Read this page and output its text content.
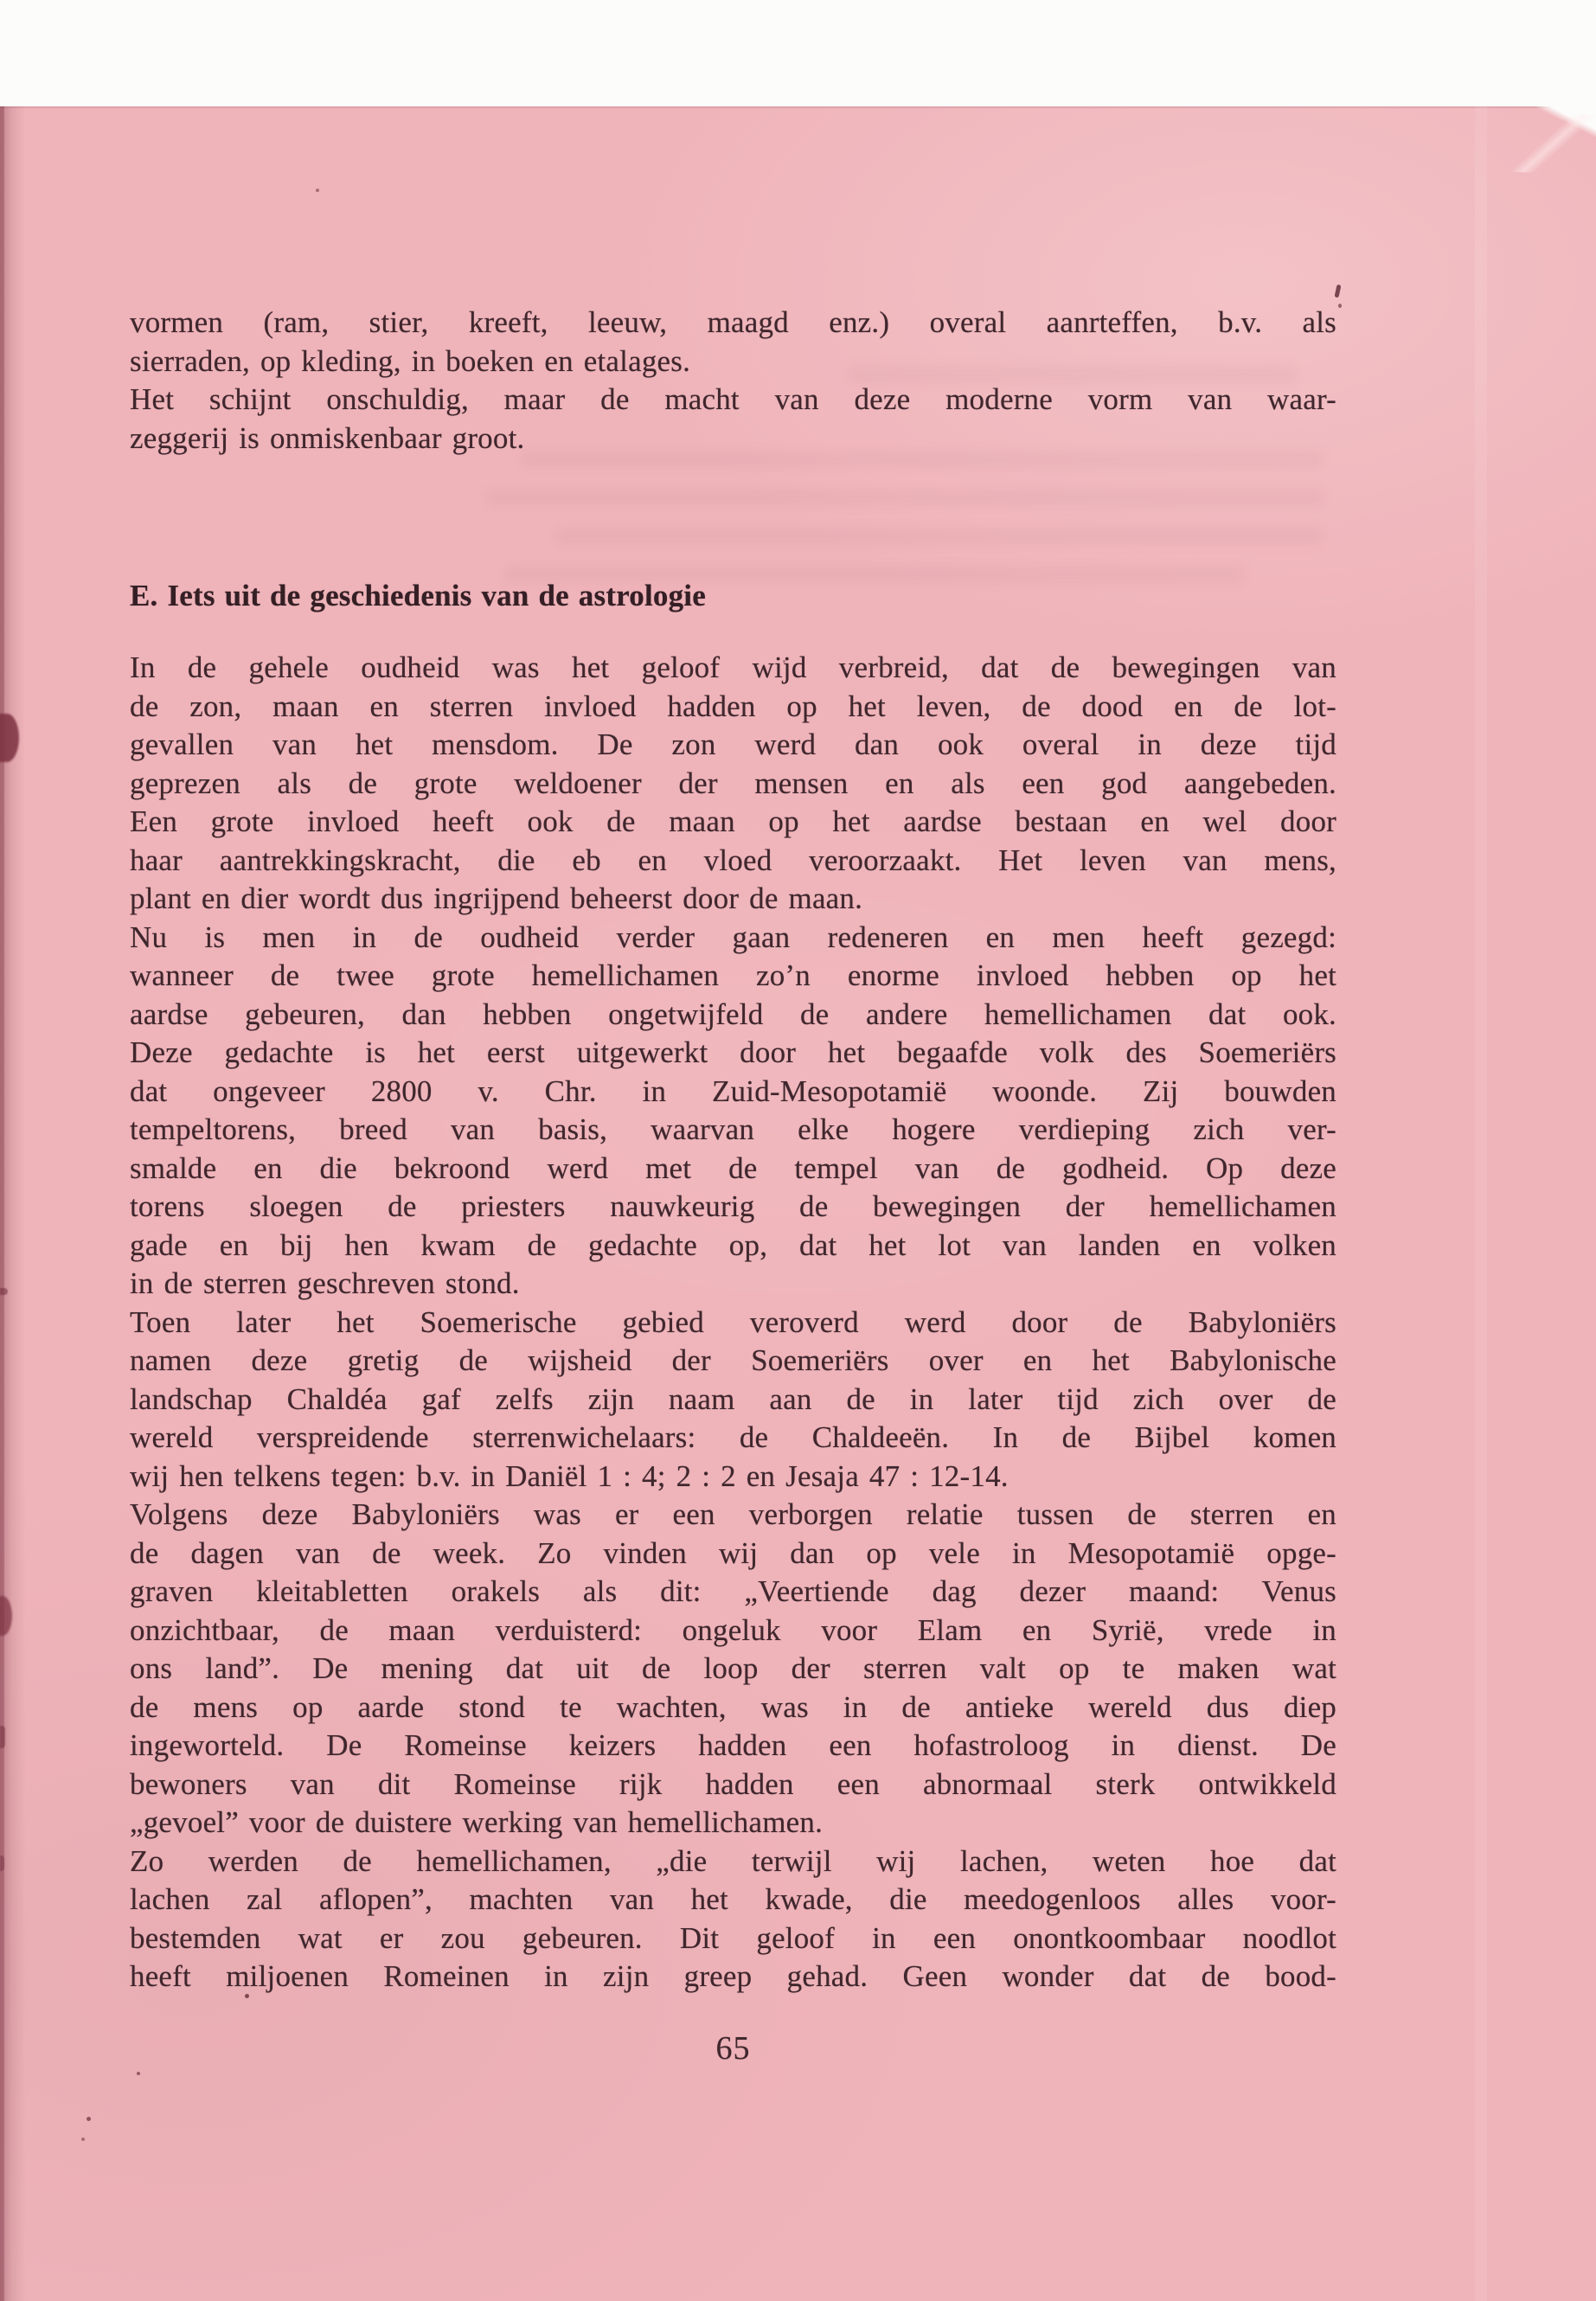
vormen (ram, stier, kreeft, leeuw, maagd enz.) overal aanrteffen, b.v. als
sierraden, op kleding, in boeken en etalages.
Het schijnt onschuldig, maar de macht van deze moderne vorm van waar-
zeggerij is onmiskenbaar groot.
E. Iets uit de geschiedenis van de astrologie
In de gehele oudheid was het geloof wijd verbreid, dat de bewegingen van
de zon, maan en sterren invloed hadden op het leven, de dood en de lot-
gevallen van het mensdom. De zon werd dan ook overal in deze tijd
geprezen als de grote weldoener der mensen en als een god aangebeden.
Een grote invloed heeft ook de maan op het aardse bestaan en wel door
haar aantrekkingskracht, die eb en vloed veroorzaakt. Het leven van mens,
plant en dier wordt dus ingrijpend beheerst door de maan.
Nu is men in de oudheid verder gaan redeneren en men heeft gezegd:
wanneer de twee grote hemellichamen zo’n enorme invloed hebben op het
aardse gebeuren, dan hebben ongetwijfeld de andere hemellichamen dat ook.
Deze gedachte is het eerst uitgewerkt door het begaafde volk des Soemeriërs
dat ongeveer 2800 v. Chr. in Zuid-Mesopotamië woonde. Zij bouwden
tempeltorens, breed van basis, waarvan elke hogere verdieping zich ver-
smalde en die bekroond werd met de tempel van de godheid. Op deze
torens sloegen de priesters nauwkeurig de bewegingen der hemellichamen
gade en bij hen kwam de gedachte op, dat het lot van landen en volken
in de sterren geschreven stond.
Toen later het Soemerische gebied veroverd werd door de Babyloniërs
namen deze gretig de wijsheid der Soemeriërs over en het Babylonische
landschap Chaldéa gaf zelfs zijn naam aan de in later tijd zich over de
wereld verspreidende sterrenwichelaars: de Chaldeeën. In de Bijbel komen
wij hen telkens tegen: b.v. in Daniël 1 : 4; 2 : 2 en Jesaja 47 : 12-14.
Volgens deze Babyloniërs was er een verborgen relatie tussen de sterren en
de dagen van de week. Zo vinden wij dan op vele in Mesopotamië opge-
graven kleitabletten orakels als dit: „Veertiende dag dezer maand: Venus
onzichtbaar, de maan verduisterd: ongeluk voor Elam en Syrië, vrede in
ons land”. De mening dat uit de loop der sterren valt op te maken wat
de mens op aarde stond te wachten, was in de antieke wereld dus diep
ingeworteld. De Romeinse keizers hadden een hofastroloog in dienst. De
bewoners van dit Romeinse rijk hadden een abnormaal sterk ontwikkeld
„gevoel” voor de duistere werking van hemellichamen.
Zo werden de hemellichamen, „die terwijl wij lachen, weten hoe dat
lachen zal aflopen”, machten van het kwade, die meedogenloos alles voor-
bestemden wat er zou gebeuren. Dit geloof in een onontkoombaar noodlot
heeft miljoenen Romeinen in zijn greep gehad. Geen wonder dat de bood-
65
